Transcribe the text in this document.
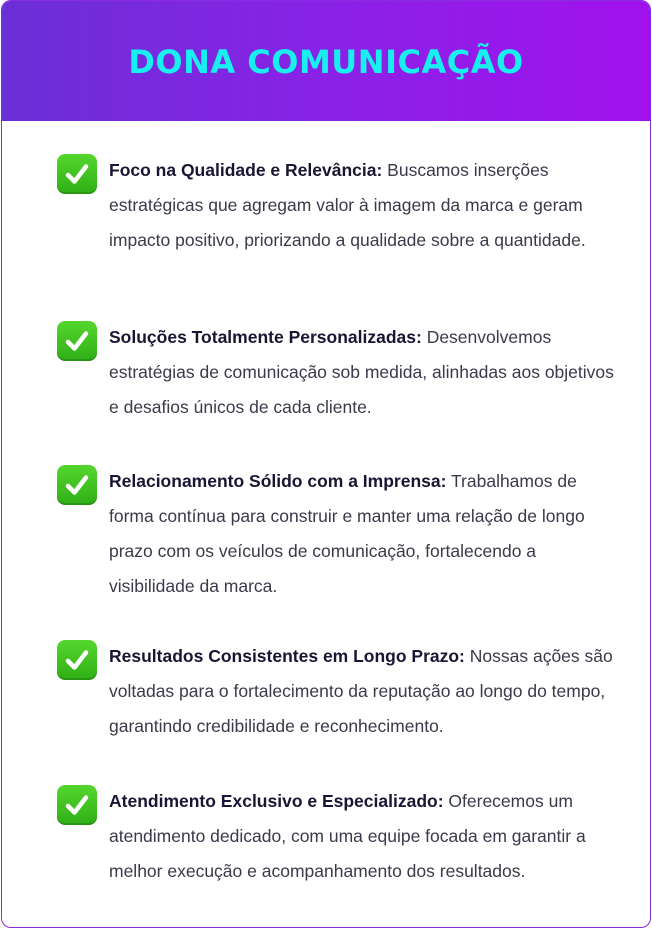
DONA COMUNICAÇÃO
Foco na Qualidade e Relevância: Buscamos inserções estratégicas que agregam valor à imagem da marca e geram impacto positivo, priorizando a qualidade sobre a quantidade.
Soluções Totalmente Personalizadas: Desenvolvemos estratégias de comunicação sob medida, alinhadas aos objetivos e desafios únicos de cada cliente.
Relacionamento Sólido com a Imprensa: Trabalhamos de forma contínua para construir e manter uma relação de longo prazo com os veículos de comunicação, fortalecendo a visibilidade da marca.
Resultados Consistentes em Longo Prazo: Nossas ações são voltadas para o fortalecimento da reputação ao longo do tempo, garantindo credibilidade e reconhecimento.
Atendimento Exclusivo e Especializado: Oferecemos um atendimento dedicado, com uma equipe focada em garantir a melhor execução e acompanhamento dos resultados.
